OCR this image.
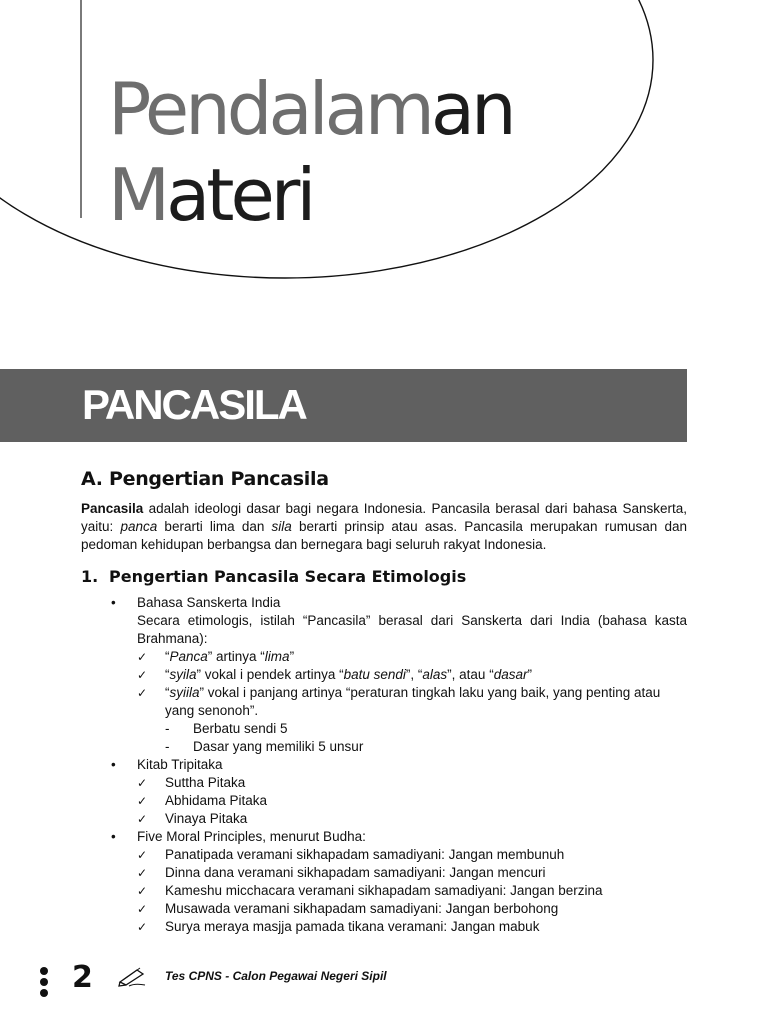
Pendalaman
Materi
PANCASILA
A. Pengertian Pancasila

Pancasila adalah ideologi dasar bagi negara Indonesia. Pancasila berasal dari bahasa Sanskerta, yaitu: panca berarti lima dan sila berarti prinsip atau asas. Pancasila merupakan rumusan dan pedoman kehidupan berbangsa dan bernegara bagi seluruh rakyat Indonesia.

1. Pengertian Pancasila Secara Etimologis
• Bahasa Sanskerta India
Secara etimologis, istilah “Pancasila” berasal dari Sanskerta dari India (bahasa kasta Brahmana):
✓ “Panca” artinya “lima”
✓ “syila” vokal i pendek artinya “batu sendi”, “alas”, atau “dasar”
✓ “syiila” vokal i panjang artinya “peraturan tingkah laku yang baik, yang penting atau yang senonoh”.
- Berbatu sendi 5
- Dasar yang memiliki 5 unsur
• Kitab Tripitaka
✓ Suttha Pitaka
✓ Abhidama Pitaka
✓ Vinaya Pitaka
• Five Moral Principles, menurut Budha:
✓ Panatipada veramani sikhapadam samadiyani: Jangan membunuh
✓ Dinna dana veramani sikhapadam samadiyani: Jangan mencuri
✓ Kameshu micchacara veramani sikhapadam samadiyani: Jangan berzina
✓ Musawada veramani sikhapadam samadiyani: Jangan berbohong
✓ Surya meraya masjja pamada tikana veramani: Jangan mabuk
2	Tes CPNS - Calon Pegawai Negeri Sipil
